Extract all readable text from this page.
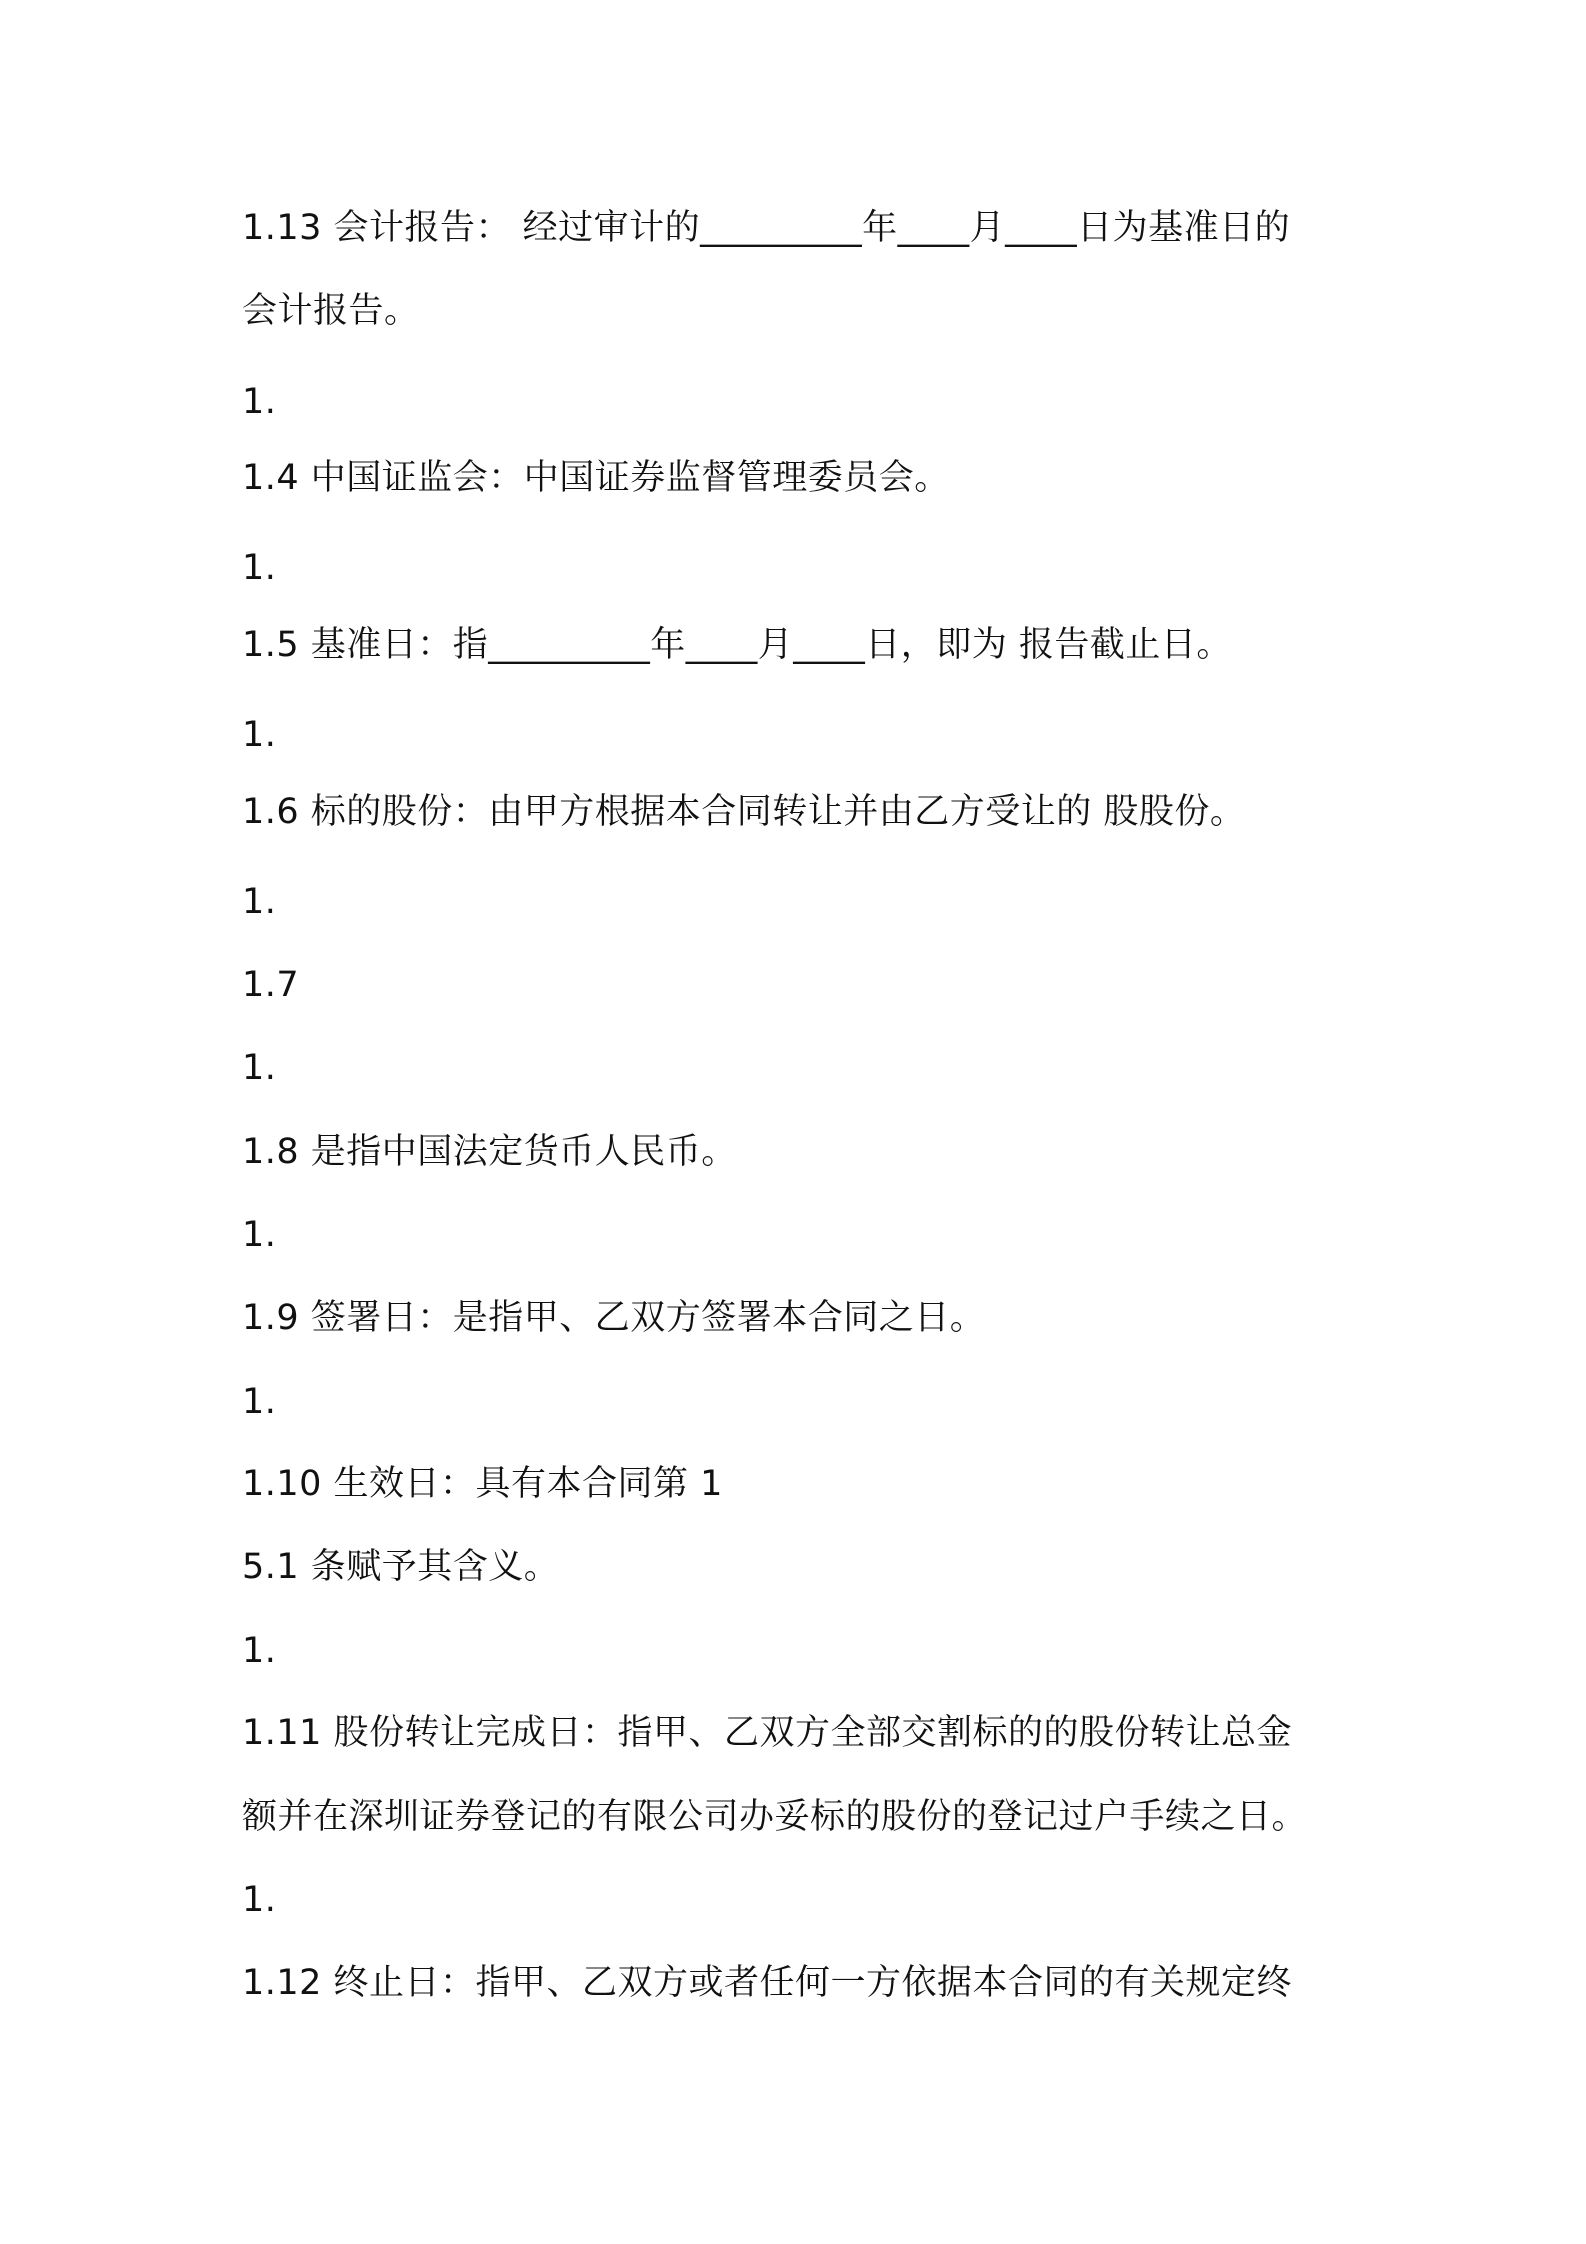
1.13 会计报告： 经过审计的_________年____月____日为基准日的
会计报告。
1.
1.4 中国证监会：中国证券监督管理委员会。
1.
1.5 基准日：指_________年____月____日，即为 报告截止日。
1.
1.6 标的股份：由甲方根据本合同转让并由乙方受让的 股股份。
1.
1.7
1.
1.8 是指中国法定货币人民币。
1.
1.9 签署日：是指甲、乙双方签署本合同之日。
1.
1.10 生效日：具有本合同第 1
5.1 条赋予其含义。
1.
1.11 股份转让完成日：指甲、乙双方全部交割标的的股份转让总金
额并在深圳证券登记的有限公司办妥标的股份的登记过户手续之日。
1.
1.12 终止日：指甲、乙双方或者任何一方依据本合同的有关规定终
